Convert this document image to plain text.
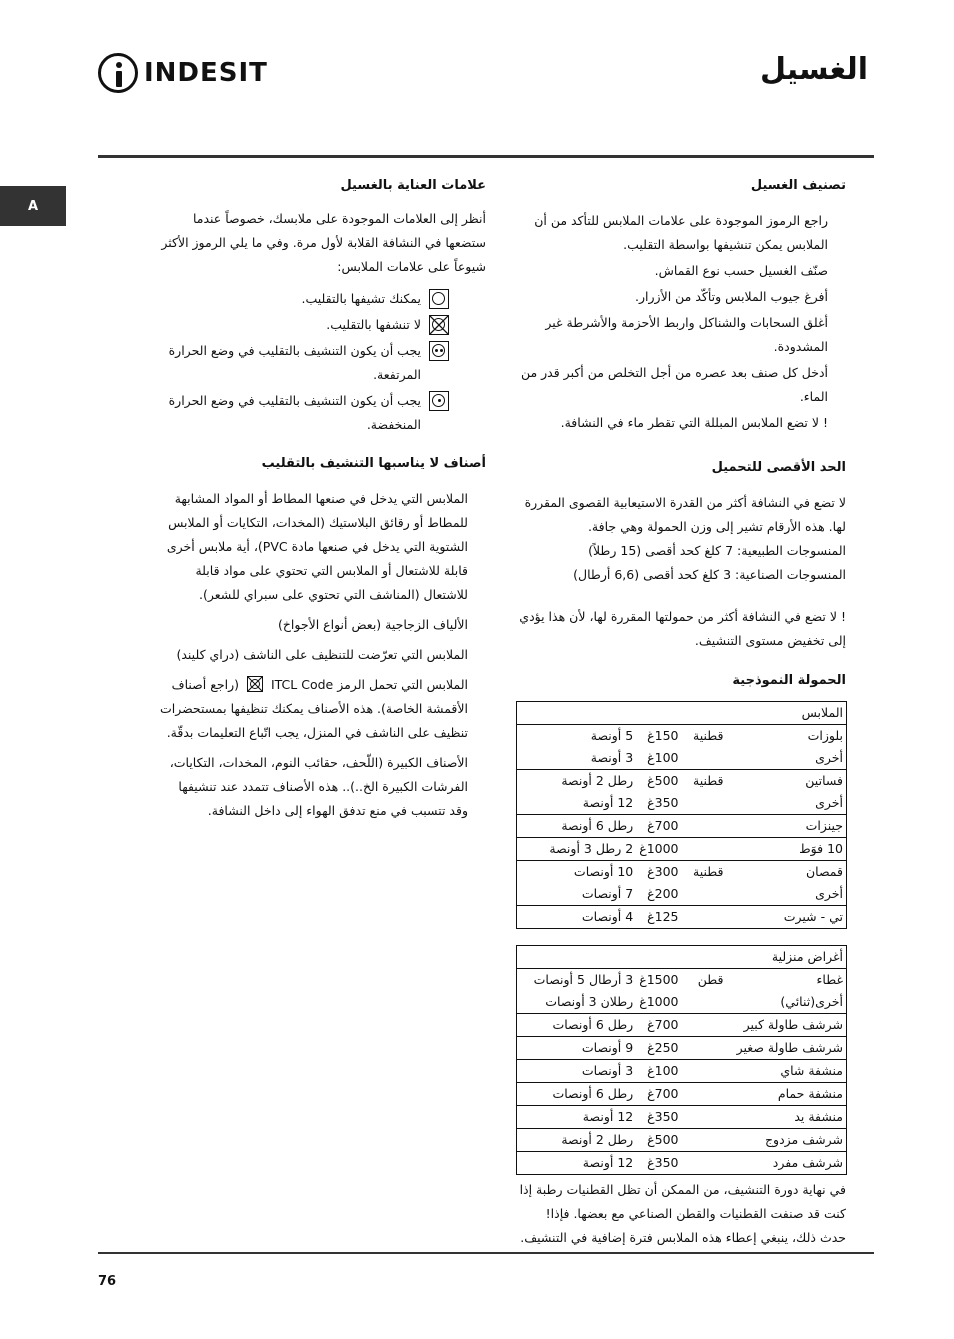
INDESIT	الغسيل
A
تصنيف الغسيل

راجع الرموز الموجودة على علامات الملابس للتأكد من أن الملابس يمكن تنشيفها بواسطة التقليب.

صنّف الغسيل حسب نوع القماش.

أفرغ جيوب الملابس وتأكّد من الأزرار.

أغلق السحابات والشناكل واربط الأحزمة والأشرطة غير المشدودة.

أدخل كل صنف بعد عصره من أجل التخلص من أكبر قدر من الماء.

! لا تضع الملابس المبللة التي تقطر ماء في النشافة.

الحد الأقصى للتحميل

لا تضع في النشافة أكثر من القدرة الاستيعابية القصوى المقررة لها. هذه الأرقام تشير إلى وزن الحمولة وهي جافة.

المنسوجات الطبيعية: 7 كلغ كحد أقصى (15 رطلاً)

المنسوجات الصناعية: 3 كلغ كحد أقصى (6,6 أرطال)

! لا تضع في النشافة أكثر من حمولتها المقررة لها، لأن هذا يؤدي إلى تخفيض مستوى التنشيف.

الحمولة النموذجية
الملابس			
بلوزات	قطنية	150غ	5 أونصة
أخرى		100غ	3 أونصة
فساتين	قطنية	500غ	رطل 2 أونصة
أخرى		350غ	12 أونصة
جينزات		700غ	رطل 6 أونصة
10 فوَط		1000غ	2 رطل 3 أونصة
قمصان	قطنية	300غ	10 أونصات
أخرى		200غ	7 أونصات
تي - شيرت		125غ	4 أونصات
أغراض منزلية			
غطاء	قطن	1500غ	3 أرطال 5 أونصات
أخرى(ثنائي)		1000غ	رطلان 3 أونصات
شرشف طاولة كبير		700غ	رطل 6 أونصات
شرشف طاولة صغير		250غ	9 أونصات
منشفة شاي		100غ	3 أونصات
منشفة حمام		700غ	رطل 6 أونصات
منشفة يد		350غ	12 أونصة
شرشف مزدوج		500غ	رطل 2 أونصة
شرشف مفرد		350غ	12 أونصة

في نهاية دورة التنشيف، من الممكن أن تظل القطنيات رطبة إذا كنت قد صنفت القطنيات والقطن الصناعي مع بعضها. فإذا! حدث ذلك، ينبغي إعطاء هذه الملابس فترة إضافية في التنشيف.

علامات العناية بالغسيل

أنظر إلى العلامات الموجودة على ملابسك، خصوصاً عندما ستضعها في النشافة القلابة لأول مرة. وفي ما يلي الرموز الأكثر شيوعاً على علامات الملابس:

يمكنك تشيفها بالتقليب.
لا تنشفها بالتقليب.
يجب أن يكون التنشيف بالتقليب في وضع الحرارة المرتفعة.
يجب أن يكون التنشيف بالتقليب في وضع الحرارة المنخفضة.
أصناف لا يناسبها التنشيف بالتقليب

الملابس التي يدخل في صنعها المطاط أو المواد المشابهة للمطاط أو رقائق البلاستيك (المخدات، التكايات أو الملابس الشتوية التي يدخل في صنعها مادة PVC)، أية ملابس أخرى قابلة للاشتعال أو الملابس التي تحتوي على مواد قابلة للاشتعال (المناشف التي تحتوي على سبراي للشعر).

الألياف الزجاجية (بعض أنواع الأجواخ)

الملابس التي تعرّضت للتنظيف على الناشف (دراي كليند)

الملابس التي تحمل الرمز ITCL Code
(راجع أصناف الأقمشة الخاصة). هذه الأصناف يمكنك تنظيفها بمستحضرات تنظيف على الناشف في المنزل، يجب اتّباع التعليمات بدقّة.

الأصناف الكبيرة (اللّحف، حقائب النوم، المخدات، التكايات، الفرشات الكبيرة الخ..).. هذه الأصناف تتمدد عند تنشيفها وقد تتسبب في منع تدفق الهواء إلى داخل النشافة.

76
